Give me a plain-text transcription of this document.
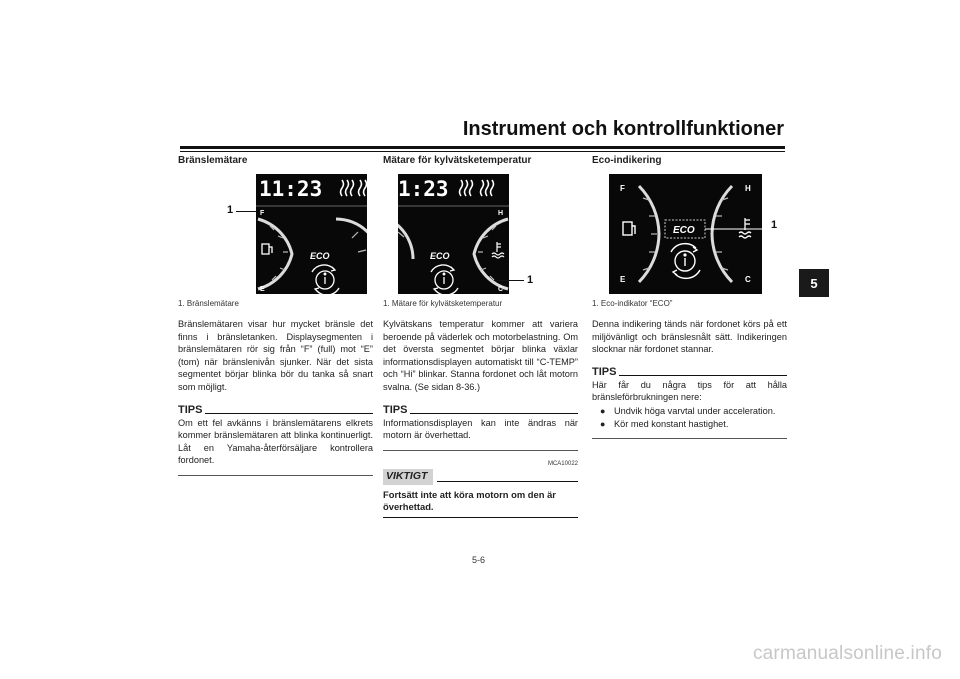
Instrument och kontrollfunktioner
5
Bränslemätare
1
11:23
F
E
ECO
1. Bränslemätare
Bränslemätaren visar hur mycket bränsle det finns i bränsletanken. Displaysegmenten i bränslemätaren rör sig från “F” (full) mot “E” (tom) när bränslenivån sjunker. När det sista segmentet börjar blinka bör du tanka så snart som möjligt.
TIPS
Om ett fel avkänns i bränslemätarens elkrets kommer bränslemätaren att blinka kontinuerligt. Låt en Yamaha-återförsäljare kontrollera fordonet.
Mätare för kylvätsketemperatur
1:23
H
C
ECO
1
1. Mätare för kylvätsketemperatur
Kylvätskans temperatur kommer att variera beroende på väderlek och motorbelastning. Om det översta segmentet börjar blinka växlar informationsdisplayen automatiskt till “C-TEMP” och “Hi” blinkar. Stanna fordonet och låt motorn svalna. (Se sidan 8-36.)
TIPS
Informationsdisplayen kan inte ändras när motorn är överhettad.
MCA10022
VIKTIGT
Fortsätt inte att köra motorn om den är överhettad.
Eco-indikering
F
E
H
C
ECO	1
1. Eco-indikator “ECO”
Denna indikering tänds när fordonet körs på ett miljövänligt och bränslesnålt sätt. Indikeringen slocknar när fordonet stannar.
TIPS
Här får du några tips för att hålla bränsleförbrukningen nere:
● Undvik höga varvtal under acceleration.
● Kör med konstant hastighet.
5-6
carmanualsonline.info
